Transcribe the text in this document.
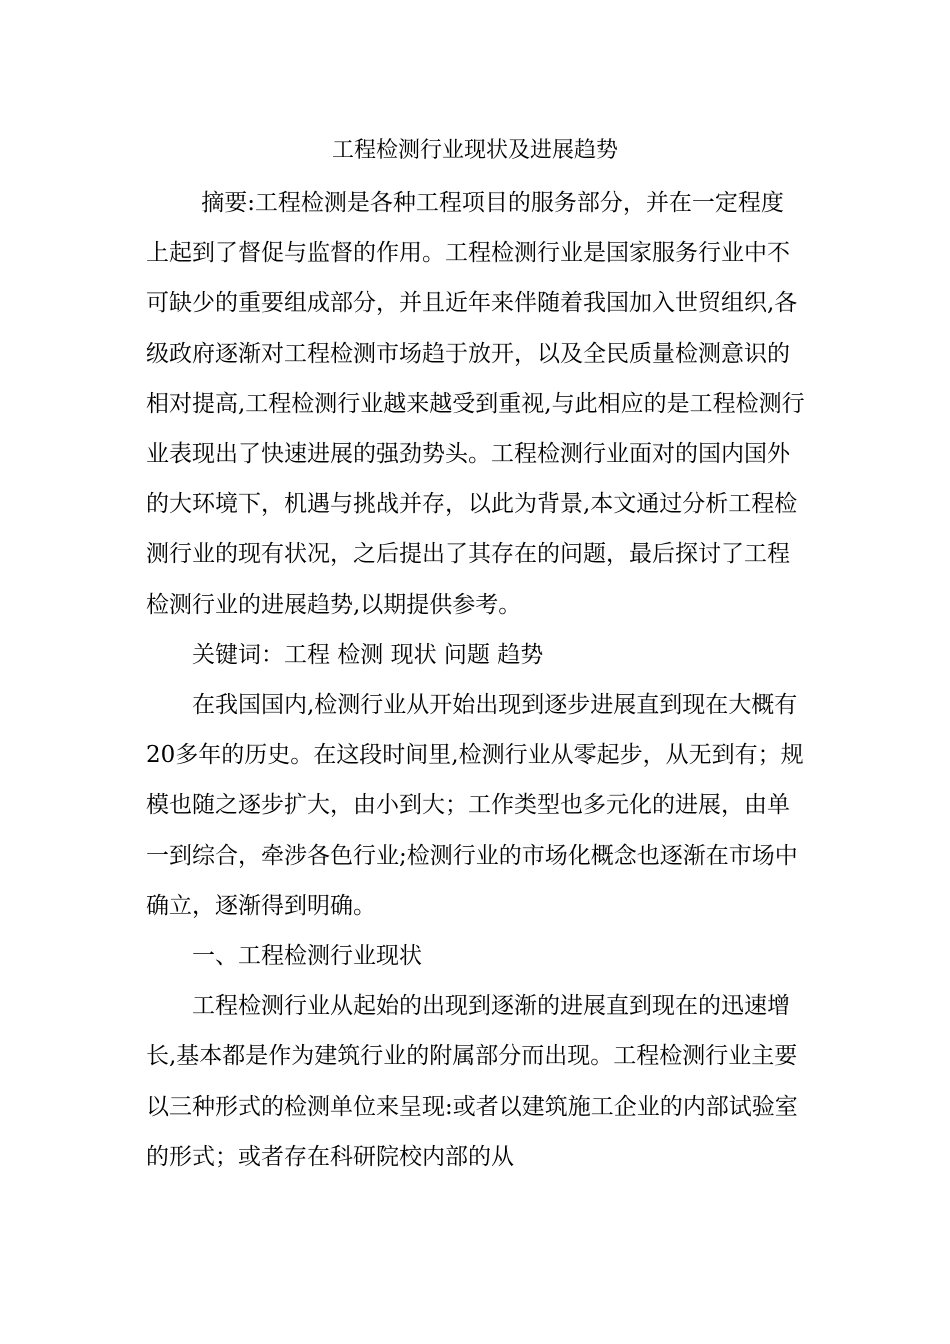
工程检测行业现状及进展趋势

摘要:工程检测是各种工程项目的服务部分，并在一定程度上起到了督促与监督的作用。工程检测行业是国家服务行业中不可缺少的重要组成部分，并且近年来伴随着我国加入世贸组织,各级政府逐渐对工程检测市场趋于放开，以及全民质量检测意识的相对提高,工程检测行业越来越受到重视,与此相应的是工程检测行业表现出了快速进展的强劲势头。工程检测行业面对的国内国外的大环境下，机遇与挑战并存，以此为背景,本文通过分析工程检测行业的现有状况，之后提出了其存在的问题，最后探讨了工程检测行业的进展趋势,以期提供参考。

关键词：工程 检测 现状 问题 趋势

在我国国内,检测行业从开始出现到逐步进展直到现在大概有20多年的历史。在这段时间里,检测行业从零起步，从无到有；规模也随之逐步扩大，由小到大；工作类型也多元化的进展，由单一到综合，牵涉各色行业;检测行业的市场化概念也逐渐在市场中确立，逐渐得到明确。

一、工程检测行业现状

工程检测行业从起始的出现到逐渐的进展直到现在的迅速增长,基本都是作为建筑行业的附属部分而出现。工程检测行业主要以三种形式的检测单位来呈现:或者以建筑施工企业的内部试验室的形式；或者存在科研院校内部的从
